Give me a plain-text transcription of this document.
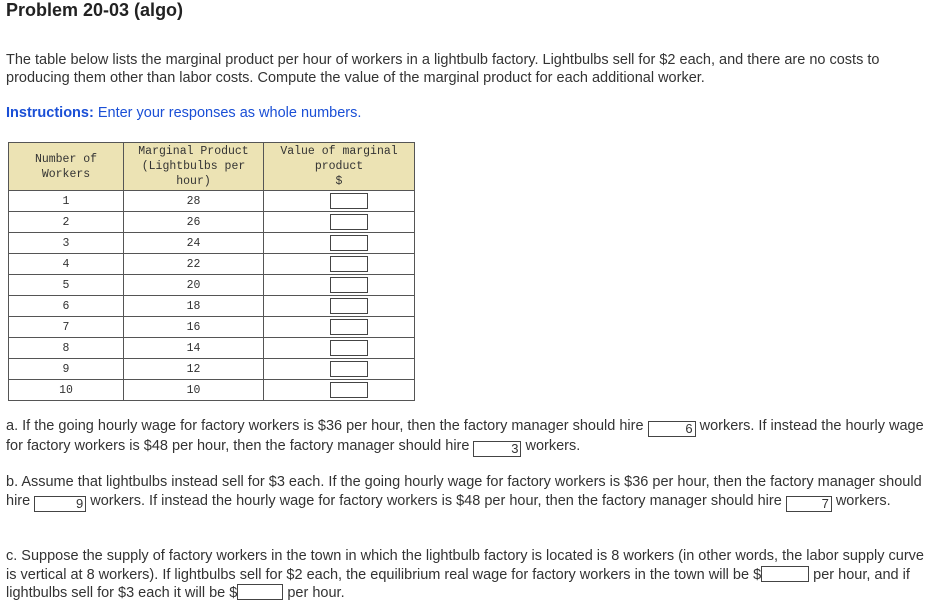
Problem 20-03 (algo)
The table below lists the marginal product per hour of workers in a lightbulb factory. Lightbulbs sell for $2 each, and there are no costs to producing them other than labor costs. Compute the value of the marginal product for each additional worker.
Instructions: Enter your responses as whole numbers.
Number of Workers	Marginal Product (Lightbulbs per hour)	Value of marginal product
$

1	28	

2	26	

3	24	

4	22	

5	20	

6	18	

7	16	

8	14	

9	12	

10	10	
a. If the going hourly wage for factory workers is $36 per hour, then the factory manager should hire	6 workers. If instead the hourly wage for factory workers is $48 per hour, then the factory manager should hire	3 workers.
b. Assume that lightbulbs instead sell for $3 each. If the going hourly wage for factory workers is $36 per hour, then the factory manager should hire	9 workers. If instead the hourly wage for factory workers is $48 per hour, then the factory manager should hire	7 workers.
c. Suppose the supply of factory workers in the town in which the lightbulb factory is located is 8 workers (in other words, the labor supply curve is vertical at 8 workers). If lightbulbs sell for $2 each, the equilibrium real wage for factory workers in the town will be $	per hour, and if lightbulbs sell for $3 each it will be $	per hour.
